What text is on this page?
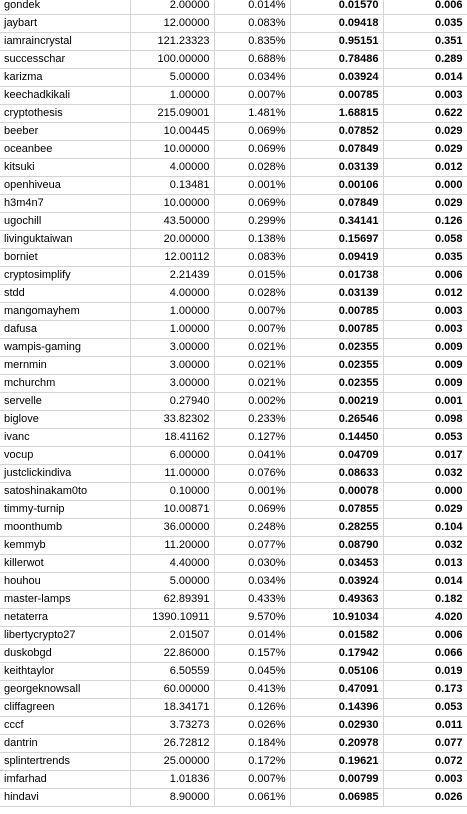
gondek	2.00000	0.014%	0.01570	0.006
jaybart	12.00000	0.083%	0.09418	0.035
iamraincrystal	121.23323	0.835%	0.95151	0.351
successchar	100.00000	0.688%	0.78486	0.289
karizma	5.00000	0.034%	0.03924	0.014
keechadkikali	1.00000	0.007%	0.00785	0.003
cryptothesis	215.09001	1.481%	1.68815	0.622
beeber	10.00445	0.069%	0.07852	0.029
oceanbee	10.00000	0.069%	0.07849	0.029
kitsuki	4.00000	0.028%	0.03139	0.012
openhiveua	0.13481	0.001%	0.00106	0.000
h3m4n7	10.00000	0.069%	0.07849	0.029
ugochill	43.50000	0.299%	0.34141	0.126
livinguktaiwan	20.00000	0.138%	0.15697	0.058
borniet	12.00112	0.083%	0.09419	0.035
cryptosimplify	2.21439	0.015%	0.01738	0.006
stdd	4.00000	0.028%	0.03139	0.012
mangomayhem	1.00000	0.007%	0.00785	0.003
dafusa	1.00000	0.007%	0.00785	0.003
wampis-gaming	3.00000	0.021%	0.02355	0.009
mernmin	3.00000	0.021%	0.02355	0.009
mchurchm	3.00000	0.021%	0.02355	0.009
servelle	0.27940	0.002%	0.00219	0.001
biglove	33.82302	0.233%	0.26546	0.098
ivanc	18.41162	0.127%	0.14450	0.053
vocup	6.00000	0.041%	0.04709	0.017
justclickindiva	11.00000	0.076%	0.08633	0.032
satoshinakam0to	0.10000	0.001%	0.00078	0.000
timmy-turnip	10.00871	0.069%	0.07855	0.029
moonthumb	36.00000	0.248%	0.28255	0.104
kemmyb	11.20000	0.077%	0.08790	0.032
killerwot	4.40000	0.030%	0.03453	0.013
houhou	5.00000	0.034%	0.03924	0.014
master-lamps	62.89391	0.433%	0.49363	0.182
netaterra	1390.10911	9.570%	10.91034	4.020
libertycrypto27	2.01507	0.014%	0.01582	0.006
duskobgd	22.86000	0.157%	0.17942	0.066
keithtaylor	6.50559	0.045%	0.05106	0.019
georgeknowsall	60.00000	0.413%	0.47091	0.173
cliffagreen	18.34171	0.126%	0.14396	0.053
cccf	3.73273	0.026%	0.02930	0.011
dantrin	26.72812	0.184%	0.20978	0.077
splintertrends	25.00000	0.172%	0.19621	0.072
imfarhad	1.01836	0.007%	0.00799	0.003
hindavi	8.90000	0.061%	0.06985	0.026
